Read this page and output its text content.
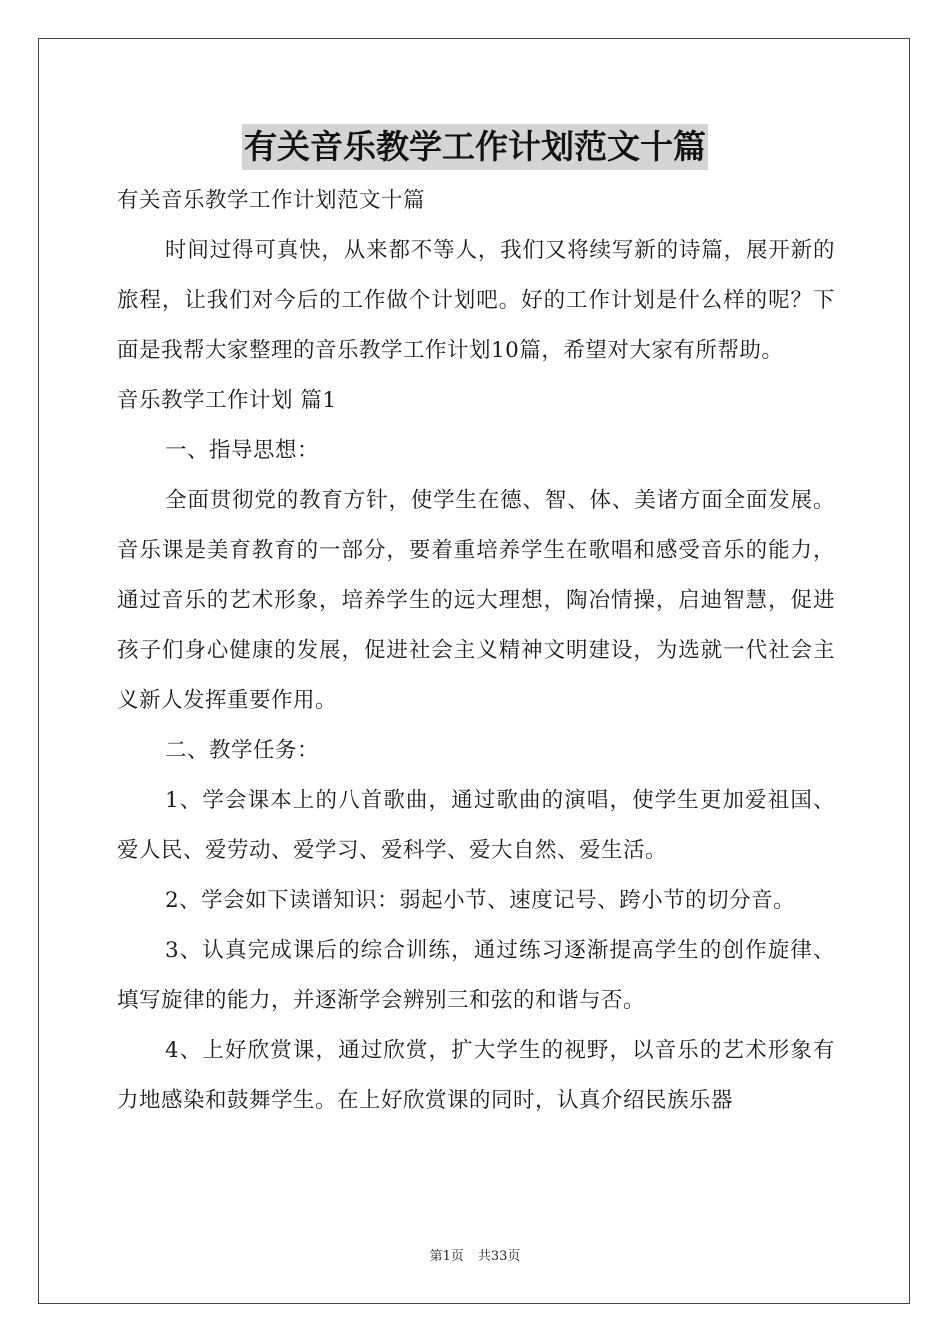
有关音乐教学工作计划范文十篇

有关音乐教学工作计划范文十篇

时间过得可真快，从来都不等人，我们又将续写新的诗篇，展开新的旅程，让我们对今后的工作做个计划吧。好的工作计划是什么样的呢？下面是我帮大家整理的音乐教学工作计划10篇，希望对大家有所帮助。

音乐教学工作计划 篇1

一、指导思想：

全面贯彻党的教育方针，使学生在德、智、体、美诸方面全面发展。音乐课是美育教育的一部分，要着重培养学生在歌唱和感受音乐的能力，通过音乐的艺术形象，培养学生的远大理想，陶冶情操，启迪智慧，促进孩子们身心健康的发展，促进社会主义精神文明建设，为选就一代社会主义新人发挥重要作用。

二、教学任务：

1、学会课本上的八首歌曲，通过歌曲的演唱，使学生更加爱祖国、爱人民、爱劳动、爱学习、爱科学、爱大自然、爱生活。

2、学会如下读谱知识：弱起小节、速度记号、跨小节的切分音。

3、认真完成课后的综合训练，通过练习逐渐提高学生的创作旋律、填写旋律的能力，并逐渐学会辨别三和弦的和谐与否。

4、上好欣赏课，通过欣赏，扩大学生的视野，以音乐的艺术形象有力地感染和鼓舞学生。在上好欣赏课的同时，认真介绍民族乐器

第1页 共33页
